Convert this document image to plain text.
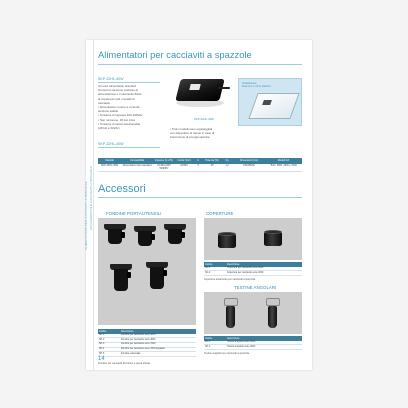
ALIMENTATORI PER CACCIAVITI A SPAZZOLE ACCESSORI PER CACCIAVITI A SPAZZOLE
Alimentatori per cacciaviti a spazzole
SKP-32HL-40W
Gli unici alimentatori standard
forniscono tensione costante di
alimentazione e il cacciavite fluido
di coppia per tutti i modelli di
cacciaviti.
• Alimentatore motore a controllo
tensione stabile
• Tensione di ingresso 100-240Vac
• Non rumoroso, 30 mA circa
• Tensione di uscita selezionabile
(24Vdc e 32Vdc)
SKP-32HL-40W
Installazione
fissa con 2 viti in plastica
• Tutti i modelli sono equipaggiati
con dispositivo di riavvio in caso di
interruzione di energia elettrica
SKP-32HL-40W
Modello	Compatibilità	Ingresso (V~/Hz)	Uscita (Vdc)	A	Potenza (W)	Kg	Dimensioni (mm)	Modelli CA
SKP-32HL-40W	Alimentatore fisso standard	AC100-240V 50/60Hz	24/32V	3	40	1.2	150x85x50	Tutti i 3000, 4000 e 7000
Accessori
FONDINE PORTAUTENSILI
Codice	Descrizione
SH-1	Fondina per cacciavite serie 3000
SH-2	Fondina per cacciavite serie 4000
SH-3	Fondina per cacciavite serie 7000
SH-4	Fondina per cacciavite serie 7000 angolare
SH-5	Fondina universale
Fondine per cacciaviti da banco a presa diretta
COPERTURE
Codice	Descrizione
SC-1	Copertura per cacciavite serie 3000
SC-2	Copertura per cacciavite serie 4000
Coperture antiscivolo per cacciaviti a spazzole
TESTINE ANGOLARI
Codice	Descrizione
AH-1	Testina angolare serie 3000
AH-2	Testina angolare serie 4000
Testine angolari per cacciaviti a spazzole
14
